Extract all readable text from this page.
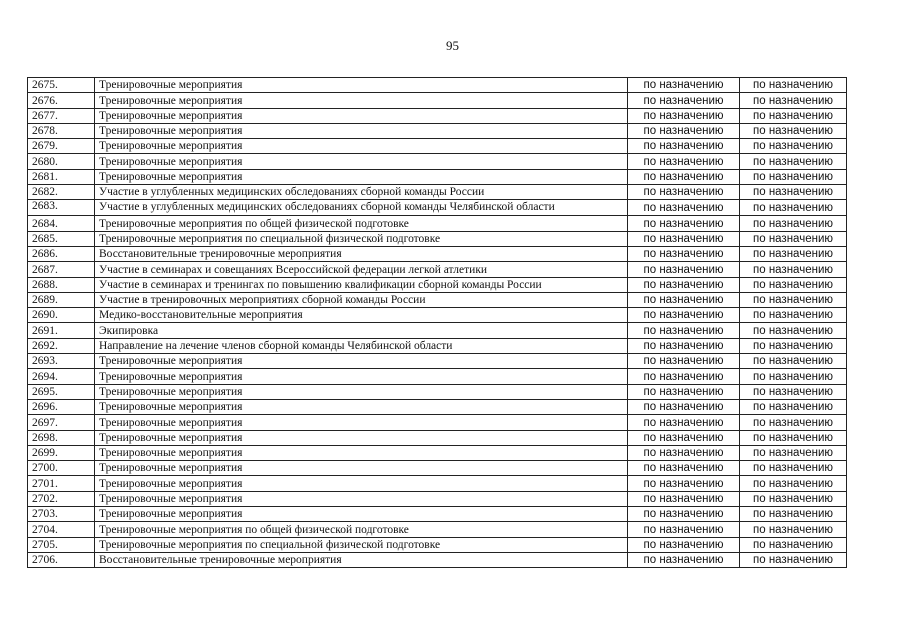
95
2675.	Тренировочные мероприятия	по назначению	по назначению
2676.	Тренировочные мероприятия	по назначению	по назначению
2677.	Тренировочные мероприятия	по назначению	по назначению
2678.	Тренировочные мероприятия	по назначению	по назначению
2679.	Тренировочные мероприятия	по назначению	по назначению
2680.	Тренировочные мероприятия	по назначению	по назначению
2681.	Тренировочные мероприятия	по назначению	по назначению
2682.	Участие в углубленных медицинских обследованиях сборной команды России	по назначению	по назначению
2683.	Участие в углубленных медицинских обследованиях сборной команды Челябинской области	по назначению	по назначению
2684.	Тренировочные мероприятия по общей физической подготовке	по назначению	по назначению
2685.	Тренировочные мероприятия по специальной физической подготовке	по назначению	по назначению
2686.	Восстановительные тренировочные мероприятия	по назначению	по назначению
2687.	Участие в семинарах и совещаниях Всероссийской федерации легкой атлетики	по назначению	по назначению
2688.	Участие в семинарах и тренингах по повышению квалификации сборной команды России	по назначению	по назначению
2689.	Участие в тренировочных мероприятиях сборной команды России	по назначению	по назначению
2690.	Медико-восстановительные мероприятия	по назначению	по назначению
2691.	Экипировка	по назначению	по назначению
2692.	Направление на лечение членов сборной команды Челябинской области	по назначению	по назначению
2693.	Тренировочные мероприятия	по назначению	по назначению
2694.	Тренировочные мероприятия	по назначению	по назначению
2695.	Тренировочные мероприятия	по назначению	по назначению
2696.	Тренировочные мероприятия	по назначению	по назначению
2697.	Тренировочные мероприятия	по назначению	по назначению
2698.	Тренировочные мероприятия	по назначению	по назначению
2699.	Тренировочные мероприятия	по назначению	по назначению
2700.	Тренировочные мероприятия	по назначению	по назначению
2701.	Тренировочные мероприятия	по назначению	по назначению
2702.	Тренировочные мероприятия	по назначению	по назначению
2703.	Тренировочные мероприятия	по назначению	по назначению
2704.	Тренировочные мероприятия по общей физической подготовке	по назначению	по назначению
2705.	Тренировочные мероприятия по специальной физической подготовке	по назначению	по назначению
2706.	Восстановительные тренировочные мероприятия	по назначению	по назначению
